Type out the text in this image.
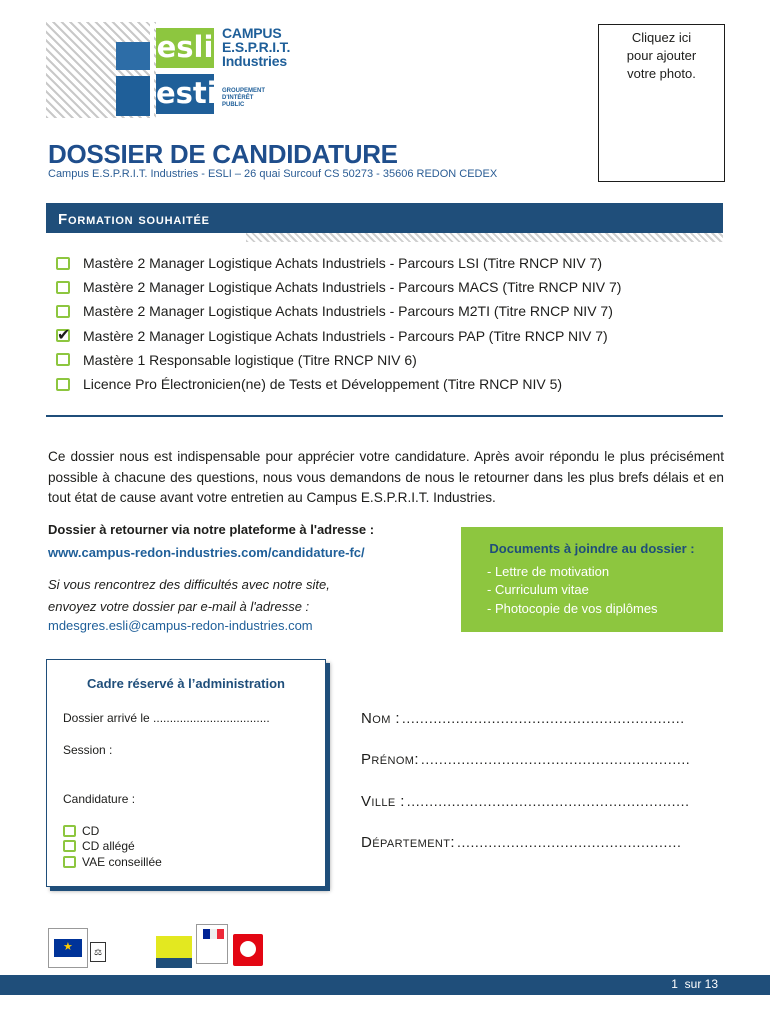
esli
esti
CAMPUS
E.S.P.R.I.T.
Industries
GROUPEMENT
D'INTÉRÊT
PUBLIC
Cliquez ici
pour ajouter
votre photo.
DOSSIER DE CANDIDATURE
Campus E.S.P.R.I.T. Industries - ESLI – 26 quai Surcouf CS 50273 - 35606 REDON CEDEX
Formation souhaitée
Mastère 2 Manager Logistique Achats Industriels - Parcours LSI (Titre RNCP NIV 7)
Mastère 2 Manager Logistique Achats Industriels - Parcours MACS (Titre RNCP NIV 7)
Mastère 2 Manager Logistique Achats Industriels - Parcours M2TI (Titre RNCP NIV 7)
✔
Mastère 2 Manager Logistique Achats Industriels - Parcours PAP (Titre RNCP NIV 7)
Mastère 1 Responsable logistique (Titre RNCP NIV 6)
Licence Pro Électronicien(ne) de Tests et Développement (Titre RNCP NIV 5)

Ce dossier nous est indispensable pour apprécier votre candidature. Après avoir répondu le plus précisément possible à chacune des questions, nous vous demandons de nous le retourner dans les plus brefs délais et en tout état de cause avant votre entretien au Campus E.S.P.R.I.T. Industries.

Dossier à retourner via notre plateforme à l'adresse :
www.campus-redon-industries.com/candidature-fc/
Si vous rencontrez des difficultés avec notre site,
envoyez votre dossier par e-mail à l'adresse :
mdesgres.esli@campus-redon-industries.com
Documents à joindre au dossier :
- Lettre de motivation
- Curriculum vitae
- Photocopie de vos diplômes
Cadre réservé à l’administration
Dossier arrivé le ...................................
Session :
Candidature :
CD
CD allégé
VAE conseillée
Nom : ...............................................................
Prénom: ............................................................
Ville : ...............................................................
Département: ..................................................
★
⚖
1 sur 13
